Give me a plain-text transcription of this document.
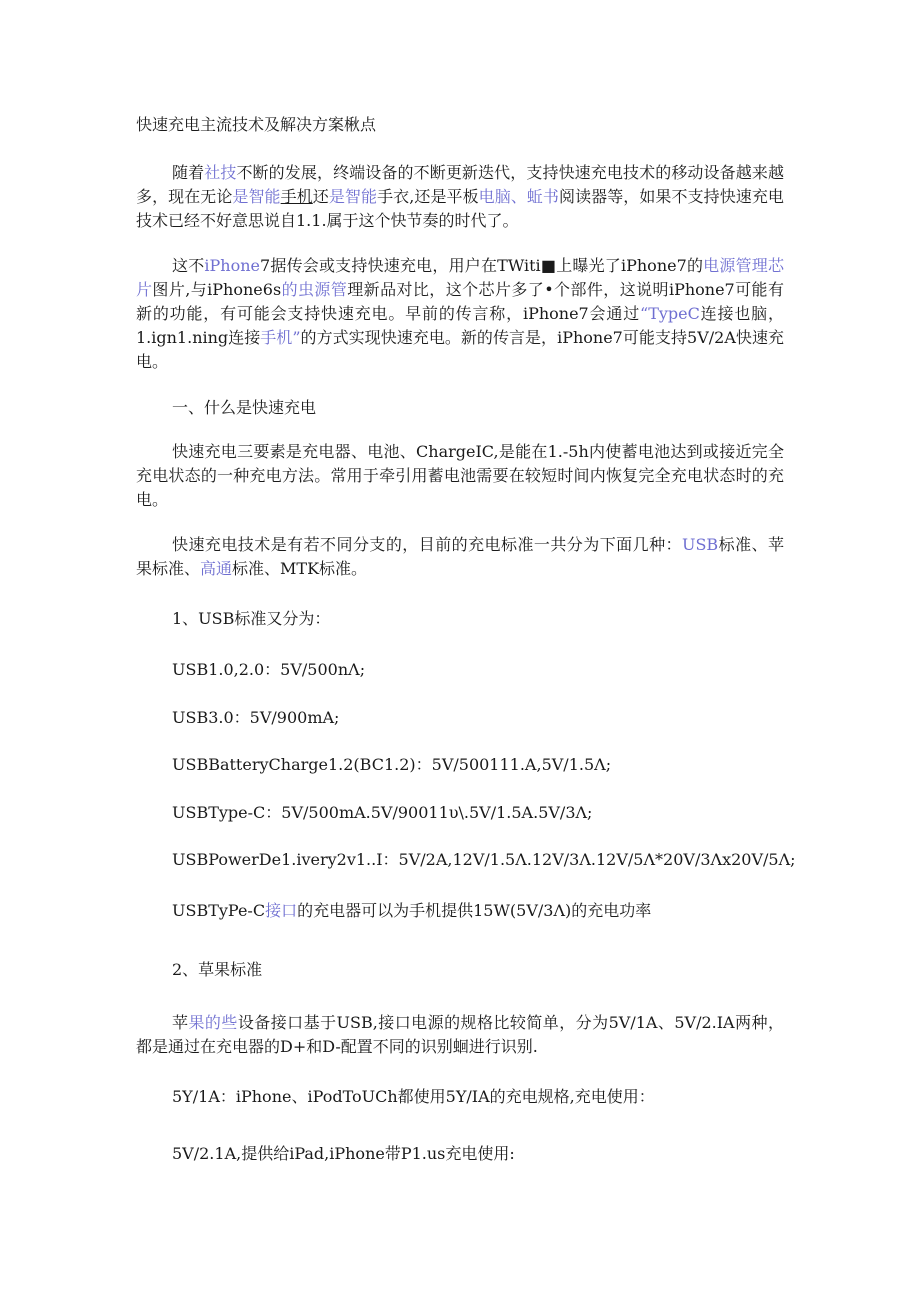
快速充电主流技术及解决方案楸点

随着社技不断的发展，终端设备的不断更新迭代，支持快速充电技术的移动设备越来越多，现在无论是智能手机还是智能手衣,还是平板电脑、蚯书阅读器等，如果不支持快速充电技术已经不好意思说自1.1.属于这个快节奏的时代了。

这不iPhone7据传会或支持快速充电，用户在TWiti■上曝光了iPhone7的电源管理芯片图片,与iPhone6s的虫源管理新品对比，这个芯片多了•个部件，这说明iPhone7可能有新的功能，有可能会支持快速充电。早前的传言称，iPhone7会通过“TypeC连接也脑，1.ign1.ning连接手机”的方式实现快速充电。新的传言是，iPhone7可能支持5V/2A快速充电。

一、什么是快速充电

快速充电三要素是充电器、电池、ChargeIC,是能在1.-5h内使蓄电池达到或接近完全充电状态的一种充电方法。常用于牵引用蓄电池需要在较短时间内恢复完全充电状态时的充电。

快速充电技术是有若不同分支的，目前的充电标准一共分为下面几种：USB标准、苹果标准、高通标准、MTK标准。

1、USB标准又分为：
USB1.0,2.0：5V/500nΛ;
USB3.0：5V/900mA;
USBBatteryCharge1.2(BC1.2)：5V/500111.A,5V/1.5Λ;
USBType-C：5V/500mA.5V/90011υ\.5V/1.5A.5V/3Λ;
USBPowerDe1.ivery2v1..I：5V/2A,12V/1.5Λ.12V/3Λ.12V/5Λ*20V/3Λx20V/5Λ;
USBTyPe-C接口的充电器可以为手机提供15W(5V/3Λ)的充电功率
2、草果标准

苹果的些设备接口基于USB,接口电源的规格比较简单，分为5V/1A、5V/2.IA两种，都是通过在充电器的D+和D-配置不同的识别蛔进行识别.

5Y/1A：iPhone、iPodToUCh都使用5Y/IA的充电规格,充电使用：
5V/2.1A,提供给iPad,iPhone带P1.us充电使用:
